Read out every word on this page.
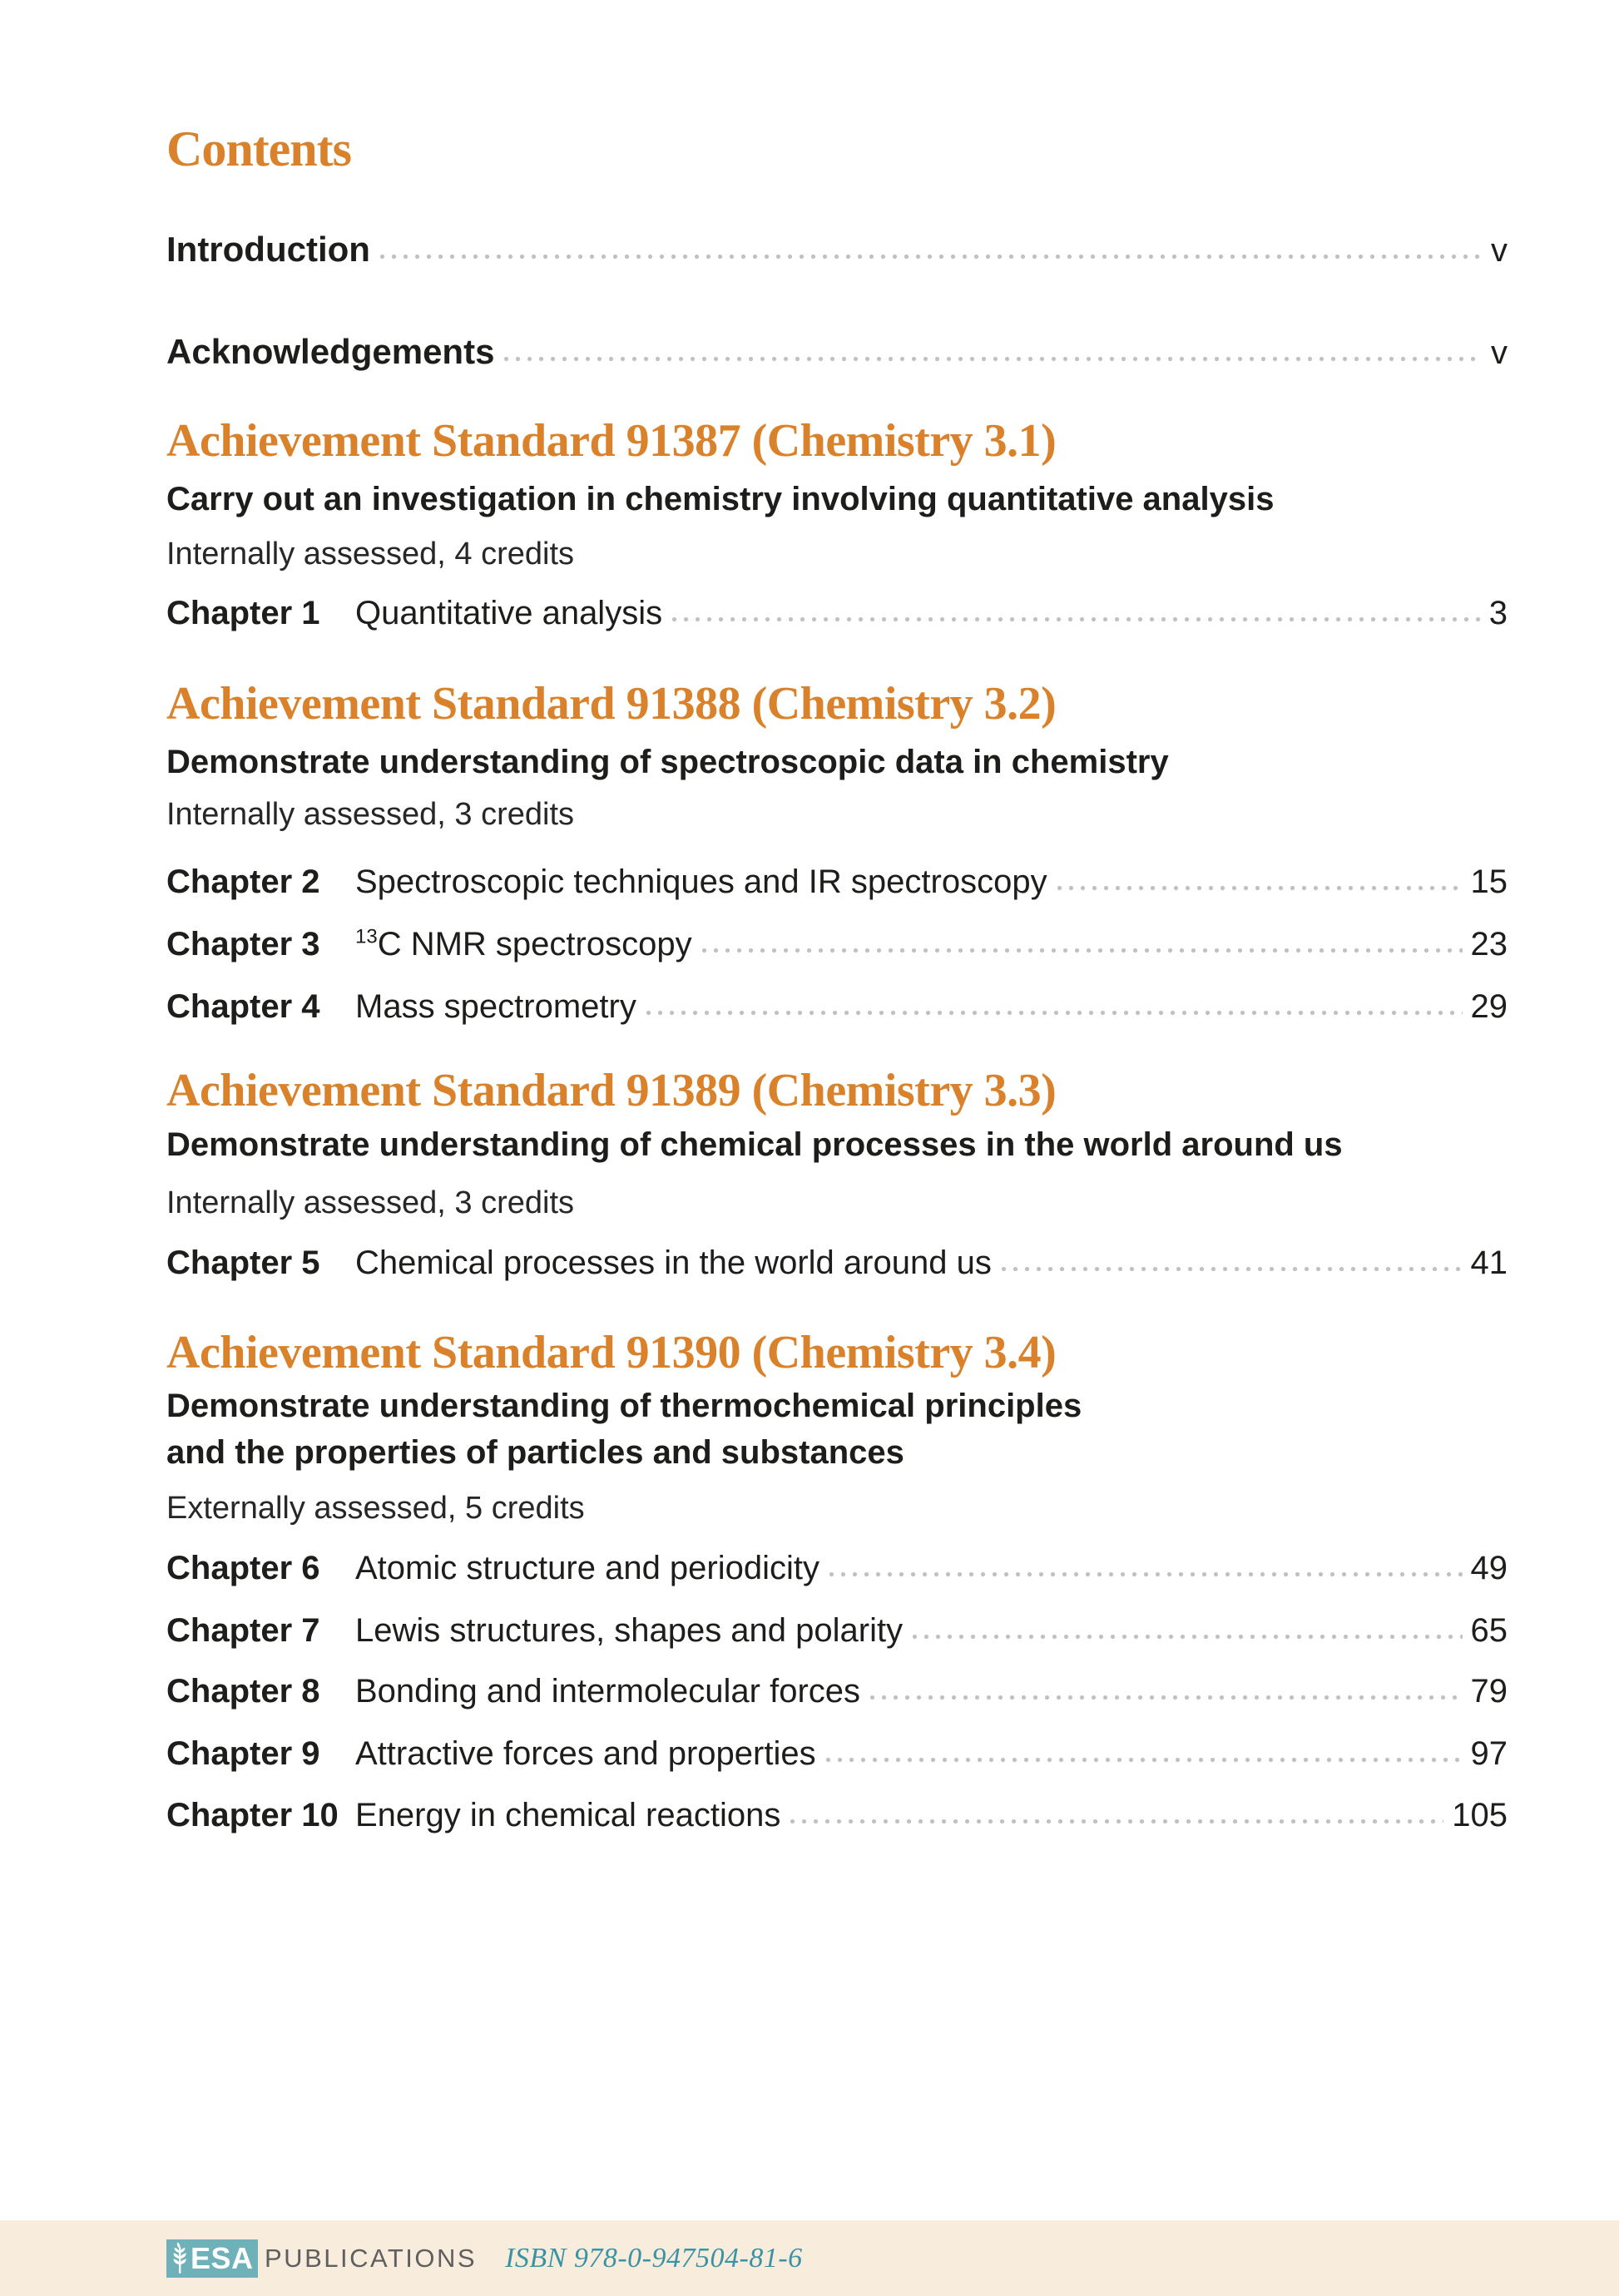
Contents
Introduction	v
Acknowledgements	v
Achievement Standard 91387 (Chemistry 3.1)
Carry out an investigation in chemistry involving quantitative analysis
Internally assessed, 4 credits
Chapter 1	Quantitative analysis	3
Achievement Standard 91388 (Chemistry 3.2)
Demonstrate understanding of spectroscopic data in chemistry
Internally assessed, 3 credits
Chapter 2	Spectroscopic techniques and IR spectroscopy	15
Chapter 3	$^{13}$C NMR spectroscopy	23
Chapter 4	Mass spectrometry	29
Achievement Standard 91389 (Chemistry 3.3)
Demonstrate understanding of chemical processes in the world around us
Internally assessed, 3 credits
Chapter 5	Chemical processes in the world around us	41
Achievement Standard 91390 (Chemistry 3.4)
Demonstrate understanding of thermochemical principles
and the properties of particles and substances
Externally assessed, 5 credits
Chapter 6	Atomic structure and periodicity	49
Chapter 7	Lewis structures, shapes and polarity	65
Chapter 8	Bonding and intermolecular forces	79
Chapter 9	Attractive forces and properties	97
Chapter 10 Energy in chemical reactions	105
ESA PUBLICATIONS ISBN 978-0-947504-81-6
